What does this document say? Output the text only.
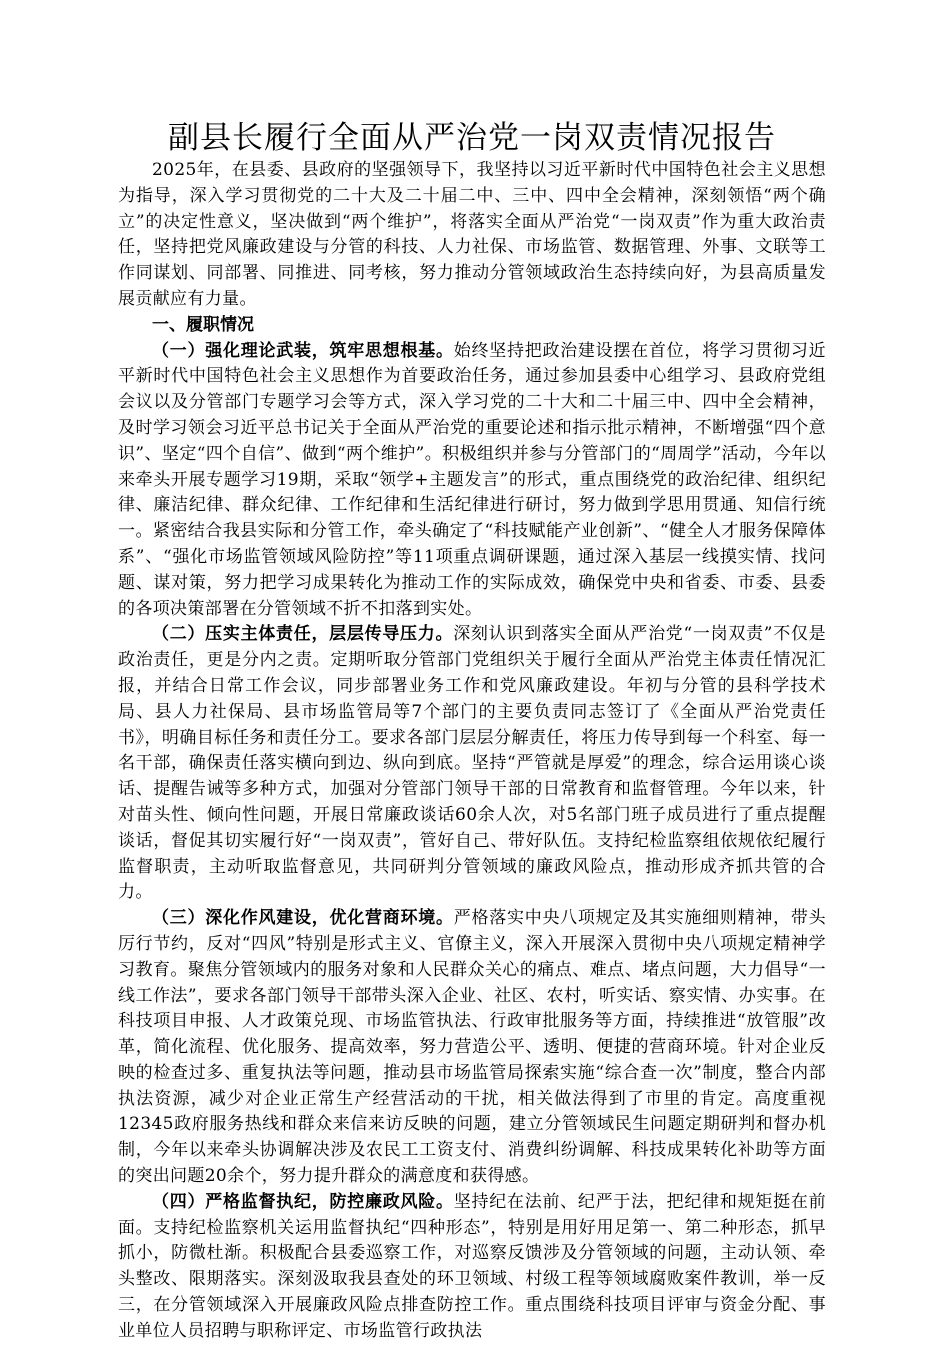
副县长履行全面从严治党一岗双责情况报告

2025年，在县委、县政府的坚强领导下，我坚持以习近平新时代中国特色社会主义思想为指导，深入学习贯彻党的二十大及二十届二中、三中、四中全会精神，深刻领悟“两个确立”的决定性意义，坚决做到“两个维护”，将落实全面从严治党“一岗双责”作为重大政治责任，坚持把党风廉政建设与分管的科技、人力社保、市场监管、数据管理、外事、文联等工作同谋划、同部署、同推进、同考核，努力推动分管领域政治生态持续向好，为县高质量发展贡献应有力量。

一、履职情况

（一）强化理论武装，筑牢思想根基。始终坚持把政治建设摆在首位，将学习贯彻习近平新时代中国特色社会主义思想作为首要政治任务，通过参加县委中心组学习、县政府党组会议以及分管部门专题学习会等方式，深入学习党的二十大和二十届三中、四中全会精神，及时学习领会习近平总书记关于全面从严治党的重要论述和指示批示精神，不断增强“四个意识”、坚定“四个自信”、做到“两个维护”。积极组织并参与分管部门的“周周学”活动，今年以来牵头开展专题学习19期，采取“领学+主题发言”的形式，重点围绕党的政治纪律、组织纪律、廉洁纪律、群众纪律、工作纪律和生活纪律进行研讨，努力做到学思用贯通、知信行统一。紧密结合我县实际和分管工作，牵头确定了“科技赋能产业创新”、“健全人才服务保障体系”、“强化市场监管领域风险防控”等11项重点调研课题，通过深入基层一线摸实情、找问题、谋对策，努力把学习成果转化为推动工作的实际成效，确保党中央和省委、市委、县委的各项决策部署在分管领域不折不扣落到实处。

（二）压实主体责任，层层传导压力。深刻认识到落实全面从严治党“一岗双责”不仅是政治责任，更是分内之责。定期听取分管部门党组织关于履行全面从严治党主体责任情况汇报，并结合日常工作会议，同步部署业务工作和党风廉政建设。年初与分管的县科学技术局、县人力社保局、县市场监管局等7个部门的主要负责同志签订了《全面从严治党责任书》，明确目标任务和责任分工。要求各部门层层分解责任，将压力传导到每一个科室、每一名干部，确保责任落实横向到边、纵向到底。坚持“严管就是厚爱”的理念，综合运用谈心谈话、提醒告诫等多种方式，加强对分管部门领导干部的日常教育和监督管理。今年以来，针对苗头性、倾向性问题，开展日常廉政谈话60余人次，对5名部门班子成员进行了重点提醒谈话，督促其切实履行好“一岗双责”，管好自己、带好队伍。支持纪检监察组依规依纪履行监督职责，主动听取监督意见，共同研判分管领域的廉政风险点，推动形成齐抓共管的合力。

（三）深化作风建设，优化营商环境。严格落实中央八项规定及其实施细则精神，带头厉行节约，反对“四风”特别是形式主义、官僚主义，深入开展深入贯彻中央八项规定精神学习教育。聚焦分管领域内的服务对象和人民群众关心的痛点、难点、堵点问题，大力倡导“一线工作法”，要求各部门领导干部带头深入企业、社区、农村，听实话、察实情、办实事。在科技项目申报、人才政策兑现、市场监管执法、行政审批服务等方面，持续推进“放管服”改革，简化流程、优化服务、提高效率，努力营造公平、透明、便捷的营商环境。针对企业反映的检查过多、重复执法等问题，推动县市场监管局探索实施“综合查一次”制度，整合内部执法资源，减少对企业正常生产经营活动的干扰，相关做法得到了市里的肯定。高度重视12345政府服务热线和群众来信来访反映的问题，建立分管领域民生问题定期研判和督办机制，今年以来牵头协调解决涉及农民工工资支付、消费纠纷调解、科技成果转化补助等方面的突出问题20余个，努力提升群众的满意度和获得感。

（四）严格监督执纪，防控廉政风险。坚持纪在法前、纪严于法，把纪律和规矩挺在前面。支持纪检监察机关运用监督执纪“四种形态”，特别是用好用足第一、第二种形态，抓早抓小，防微杜渐。积极配合县委巡察工作，对巡察反馈涉及分管领域的问题，主动认领、牵头整改、限期落实。深刻汲取我县查处的环卫领域、村级工程等领域腐败案件教训，举一反三，在分管领域深入开展廉政风险点排查防控工作。重点围绕科技项目评审与资金分配、事业单位人员招聘与职称评定、市场监管行政执法
